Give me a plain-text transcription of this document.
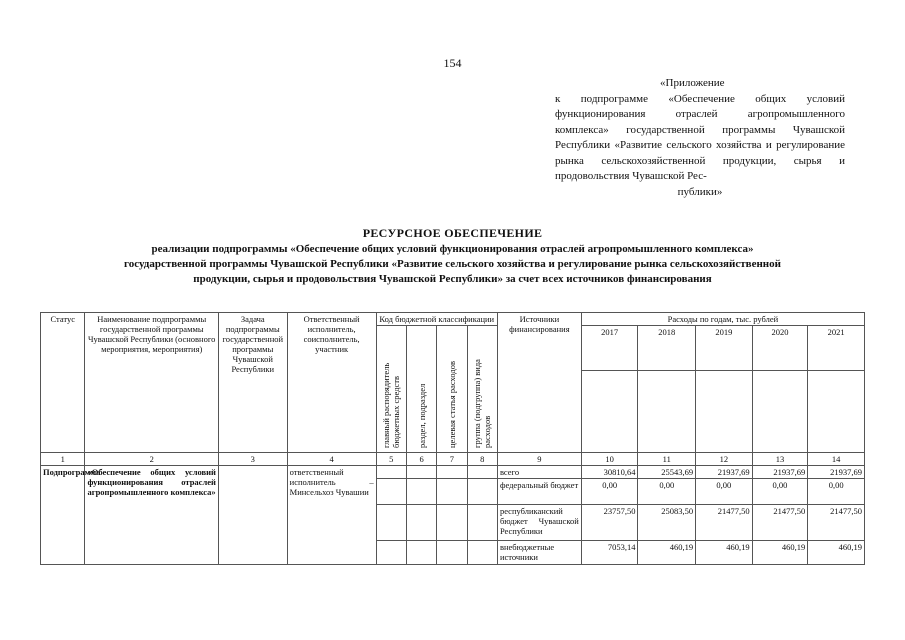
154
«Приложение
к подпрограмме «Обеспечение общих условий функционирования отраслей агропромышленного комплекса» государственной программы Чувашской Республики «Развитие сельского хозяйства и регулирование рынка сельскохозяйственной продукции, сырья и продовольствия Чувашской Рес-
публики»
РЕСУРСНОЕ ОБЕСПЕЧЕНИЕ
реализации подпрограммы «Обеспечение общих условий функционирования отраслей агропромышленного комплекса»
государственной программы Чувашской Республики «Развитие сельского хозяйства и регулирование рынка сельскохозяйственной
продукции, сырья и продовольствия Чувашской Республики» за счет всех источников финансирования
Статус	Наименование подпрограммы государственной программы Чувашской Республики (основного мероприятия, мероприятия)	Задача подпрограммы государственной программы Чувашской Республики	Ответственный исполнитель, соисполнитель, участник	Код бюджетной классификации				Источники финансирования	Расходы по годам, тыс. рублей				

				главный распорядитель бюджетных средств	раздел, подраздел	целевая статья расходов	группа (подгруппа) вида расходов		2017	2018	2019	2020	2021

1	2	3	4	5	6	7	8	9	10	11	12	13	14
Подпрограмма	«Обеспечение общих условий функционирования отраслей агропромышленного комплекса»		ответственный исполнитель – Минсельхоз Чувашии					всего	30810,64	25543,69	21937,69	21937,69	21937,69
								федеральный бюджет	0,00	0,00	0,00	0,00	0,00
								республиканский бюджет Чувашской Республики	23757,50	25083,50	21477,50	21477,50	21477,50
								внебюджетные источники	7053,14	460,19	460,19	460,19	460,19
